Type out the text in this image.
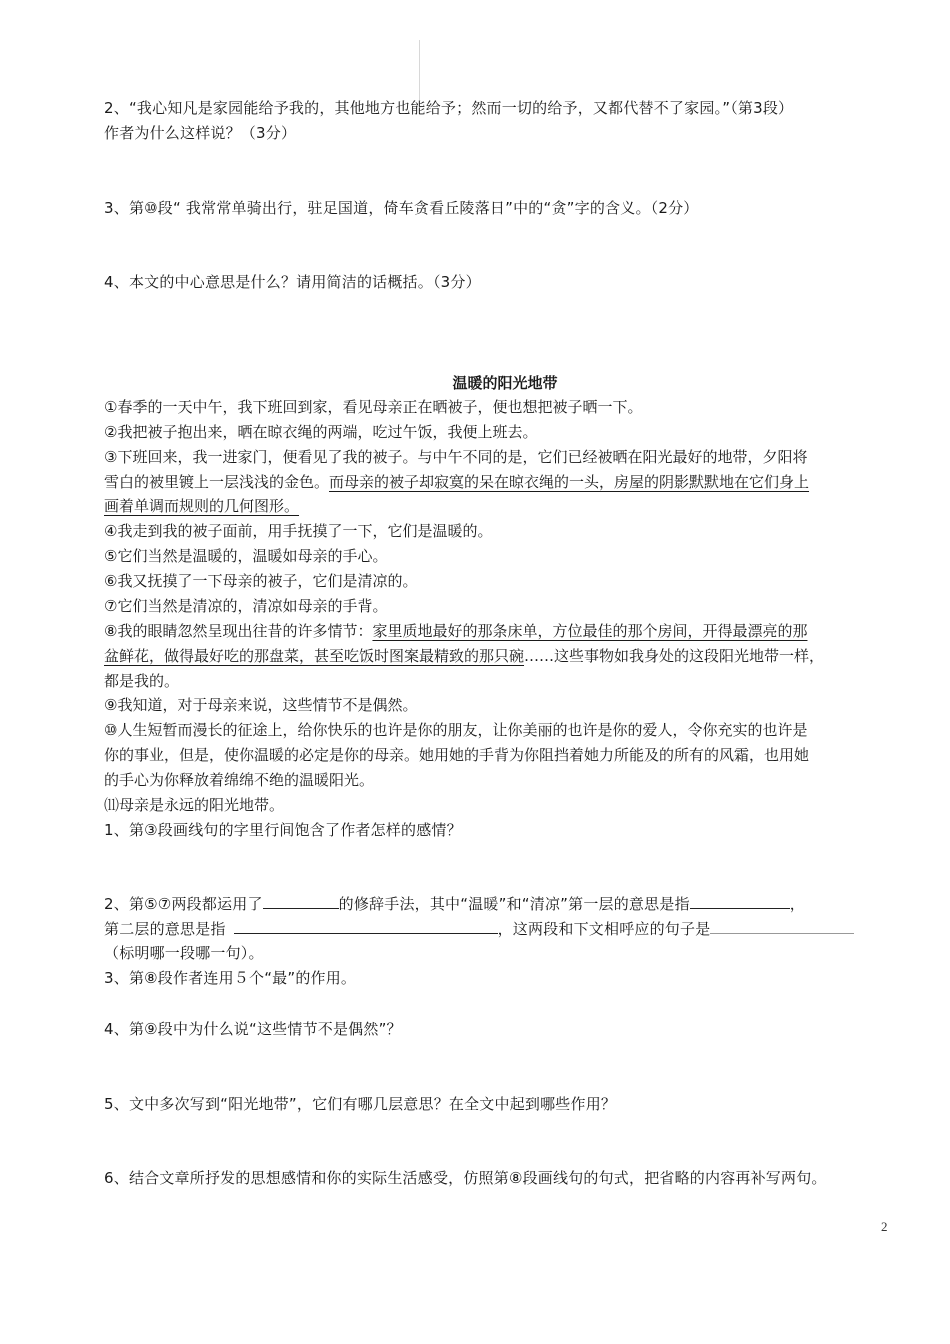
2、“我心知凡是家园能给予我的，其他地方也能给予；然而一切的给予，又都代替不了家园。”（第3段）
作者为什么这样说？（3分）
3、第⑩段“ 我常常单骑出行，驻足国道，倚车贪看丘陵落日”中的“贪”字的含义。（2分）
4、本文的中心意思是什么？请用简洁的话概括。（3分）
温暖的阳光地带
①春季的一天中午，我下班回到家，看见母亲正在晒被子，便也想把被子晒一下。
②我把被子抱出来，晒在晾衣绳的两端，吃过午饭，我便上班去。
③下班回来，我一进家门，便看见了我的被子。与中午不同的是，它们已经被晒在阳光最好的地带，夕阳将
雪白的被里镀上一层浅浅的金色。而母亲的被子却寂寞的呆在晾衣绳的一头，房屋的阴影默默地在它们身上
画着单调而规则的几何图形。
④我走到我的被子面前，用手抚摸了一下，它们是温暖的。
⑤它们当然是温暖的，温暖如母亲的手心。
⑥我又抚摸了一下母亲的被子，它们是清凉的。
⑦它们当然是清凉的，清凉如母亲的手背。
⑧我的眼睛忽然呈现出往昔的许多情节：家里质地最好的那条床单，方位最佳的那个房间，开得最漂亮的那
盆鲜花，做得最好吃的那盘菜，甚至吃饭时图案最精致的那只碗……这些事物如我身处的这段阳光地带一样，
都是我的。
⑨我知道，对于母亲来说，这些情节不是偶然。
⑩人生短暂而漫长的征途上，给你快乐的也许是你的朋友，让你美丽的也许是你的爱人，令你充实的也许是
你的事业，但是，使你温暖的必定是你的母亲。她用她的手背为你阻挡着她力所能及的所有的风霜，也用她
的手心为你释放着绵绵不绝的温暖阳光。
⑾母亲是永远的阳光地带。
1、第③段画线句的字里行间饱含了作者怎样的感情？
2、第⑤⑦两段都运用了	的修辞手法，其中“温暖”和“清凉”第一层的意思是指	，
第二层的意思是指	，这两段和下文相呼应的句子是
（标明哪一段哪一句）。
3、第⑧段作者连用５个“最”的作用。
4、第⑨段中为什么说“这些情节不是偶然”？
5、文中多次写到“阳光地带”，它们有哪几层意思？在全文中起到哪些作用？
6、结合文章所抒发的思想感情和你的实际生活感受，仿照第⑧段画线句的句式，把省略的内容再补写两句。
2
